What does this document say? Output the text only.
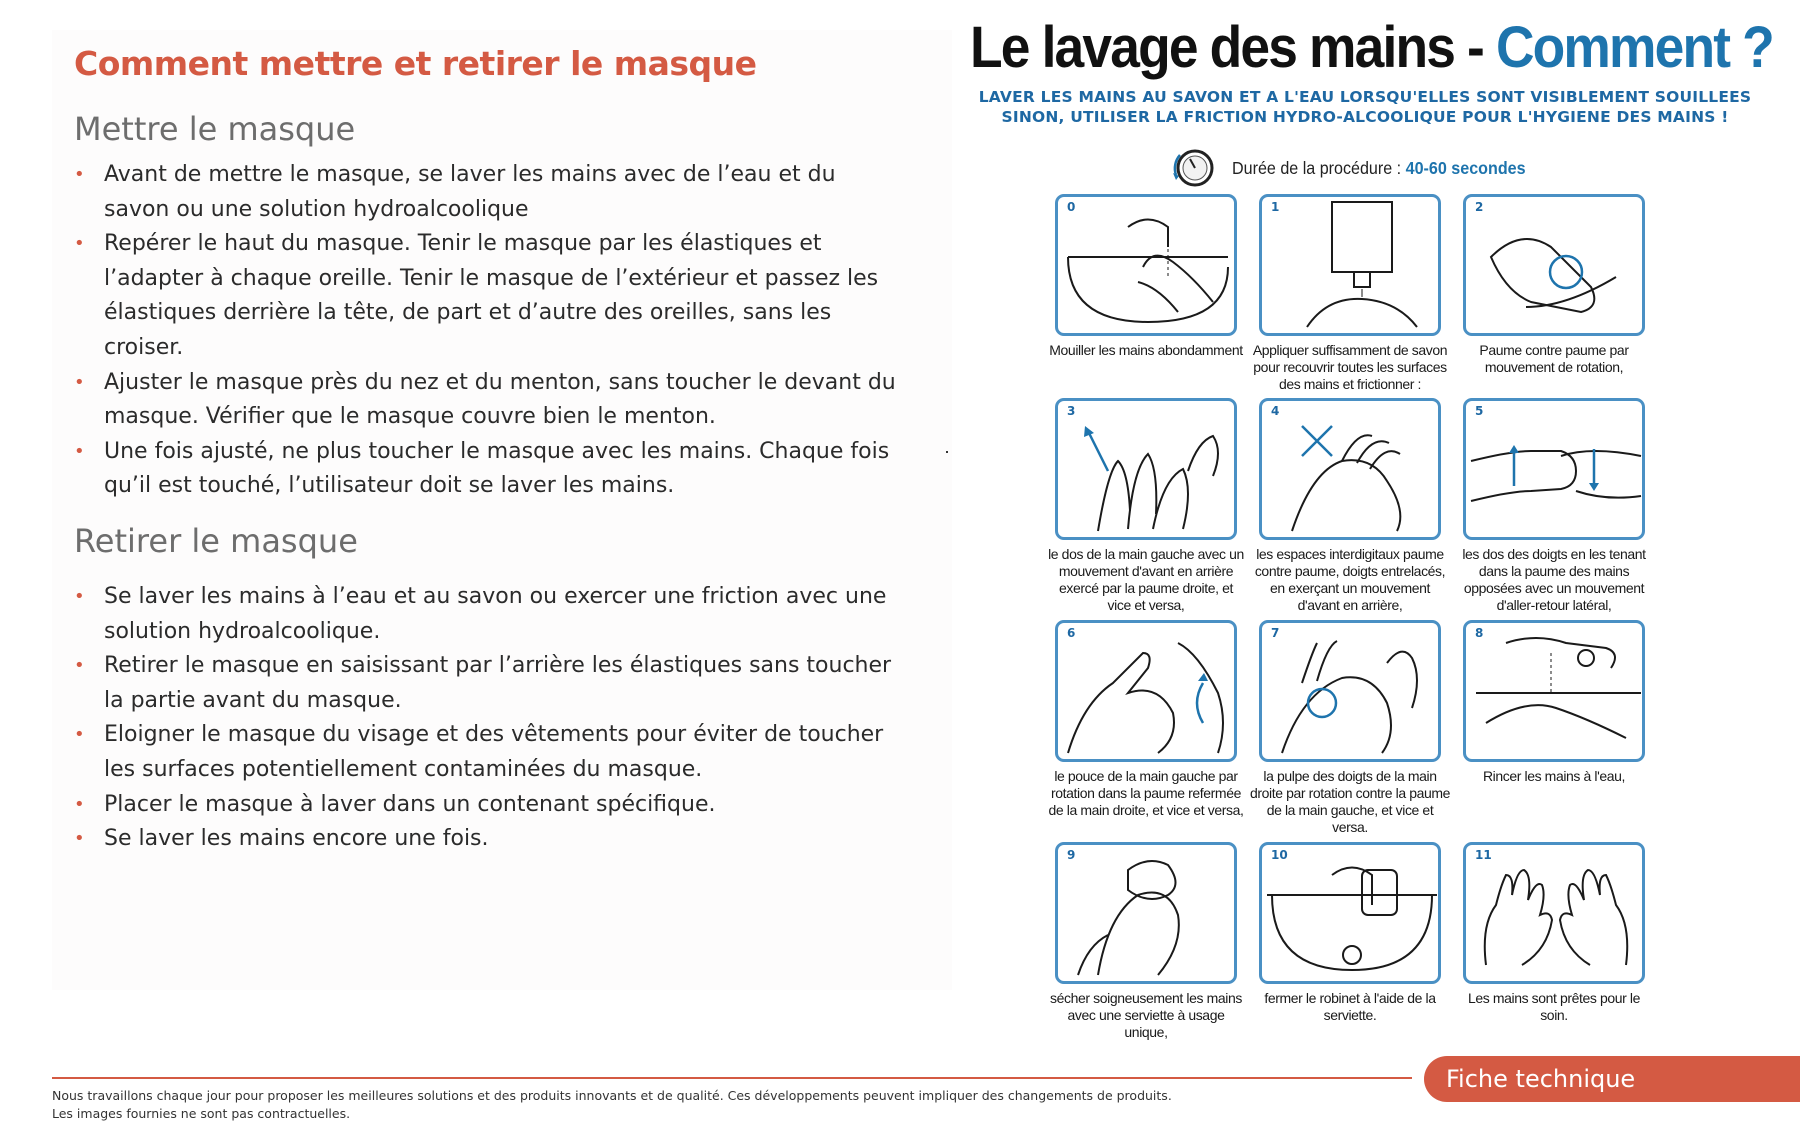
Comment mettre et retirer le masque
Mettre le masque
• Avant de mettre le masque, se laver les mains avec de l’eau et du savon ou une solution hydroalcoolique
• Repérer le haut du masque. Tenir le masque par les élastiques et l’adapter à chaque oreille. Tenir le masque de l’extérieur et passez les élastiques derrière la tête, de part et d’autre des oreilles, sans les croiser.
• Ajuster le masque près du nez et du menton, sans toucher le devant du masque. Vérifier que le masque couvre bien le menton.
• Une fois ajusté, ne plus toucher le masque avec les mains. Chaque fois qu’il est touché, l’utilisateur doit se laver les mains.
Retirer le masque
• Se laver les mains à l’eau et au savon ou exercer une friction avec une solution hydroalcoolique.
• Retirer le masque en saisissant par l’arrière les élastiques sans toucher la partie avant du masque.
• Eloigner le masque du visage et des vêtements pour éviter de toucher les surfaces potentiellement contaminées du masque.
• Placer le masque à laver dans un contenant spécifique.
• Se laver les mains encore une fois.
Le lavage des mains - Comment ?

LAVER LES MAINS AU SAVON ET A L'EAU LORSQU'ELLES SONT VISIBLEMENT SOUILLEES

SINON, UTILISER LA FRICTION HYDRO-ALCOOLIQUE POUR L'HYGIENE DES MAINS !

Durée de la procédure : 40-60 secondes
0
Mouiller les mains abondamment
1
Appliquer suffisamment de savon pour recouvrir toutes les surfaces des mains et frictionner :
2
Paume contre paume par mouvement de rotation,
3
le dos de la main gauche avec un mouvement d'avant en arrière exercé par la paume droite, et vice et versa,
4
les espaces interdigitaux paume contre paume, doigts entrelacés, en exerçant un mouvement d'avant en arrière,
5
les dos des doigts en les tenant dans la paume des mains opposées avec un mouvement d'aller-retour latéral,
6
le pouce de la main gauche par rotation dans la paume refermée de la main droite, et vice et versa,
7
la pulpe des doigts de la main droite par rotation contre la paume de la main gauche, et vice et versa.
8
Rincer les mains à l'eau,
9
sécher soigneusement les mains avec une serviette à usage unique,
10
fermer le robinet à l'aide de la serviette.
11
Les mains sont prêtes pour le soin.
Nous travaillons chaque jour pour proposer les meilleures solutions et des produits innovants et de qualité. Ces développements peuvent impliquer des changements de produits.
Les images fournies ne sont pas contractuelles.
Fiche technique
